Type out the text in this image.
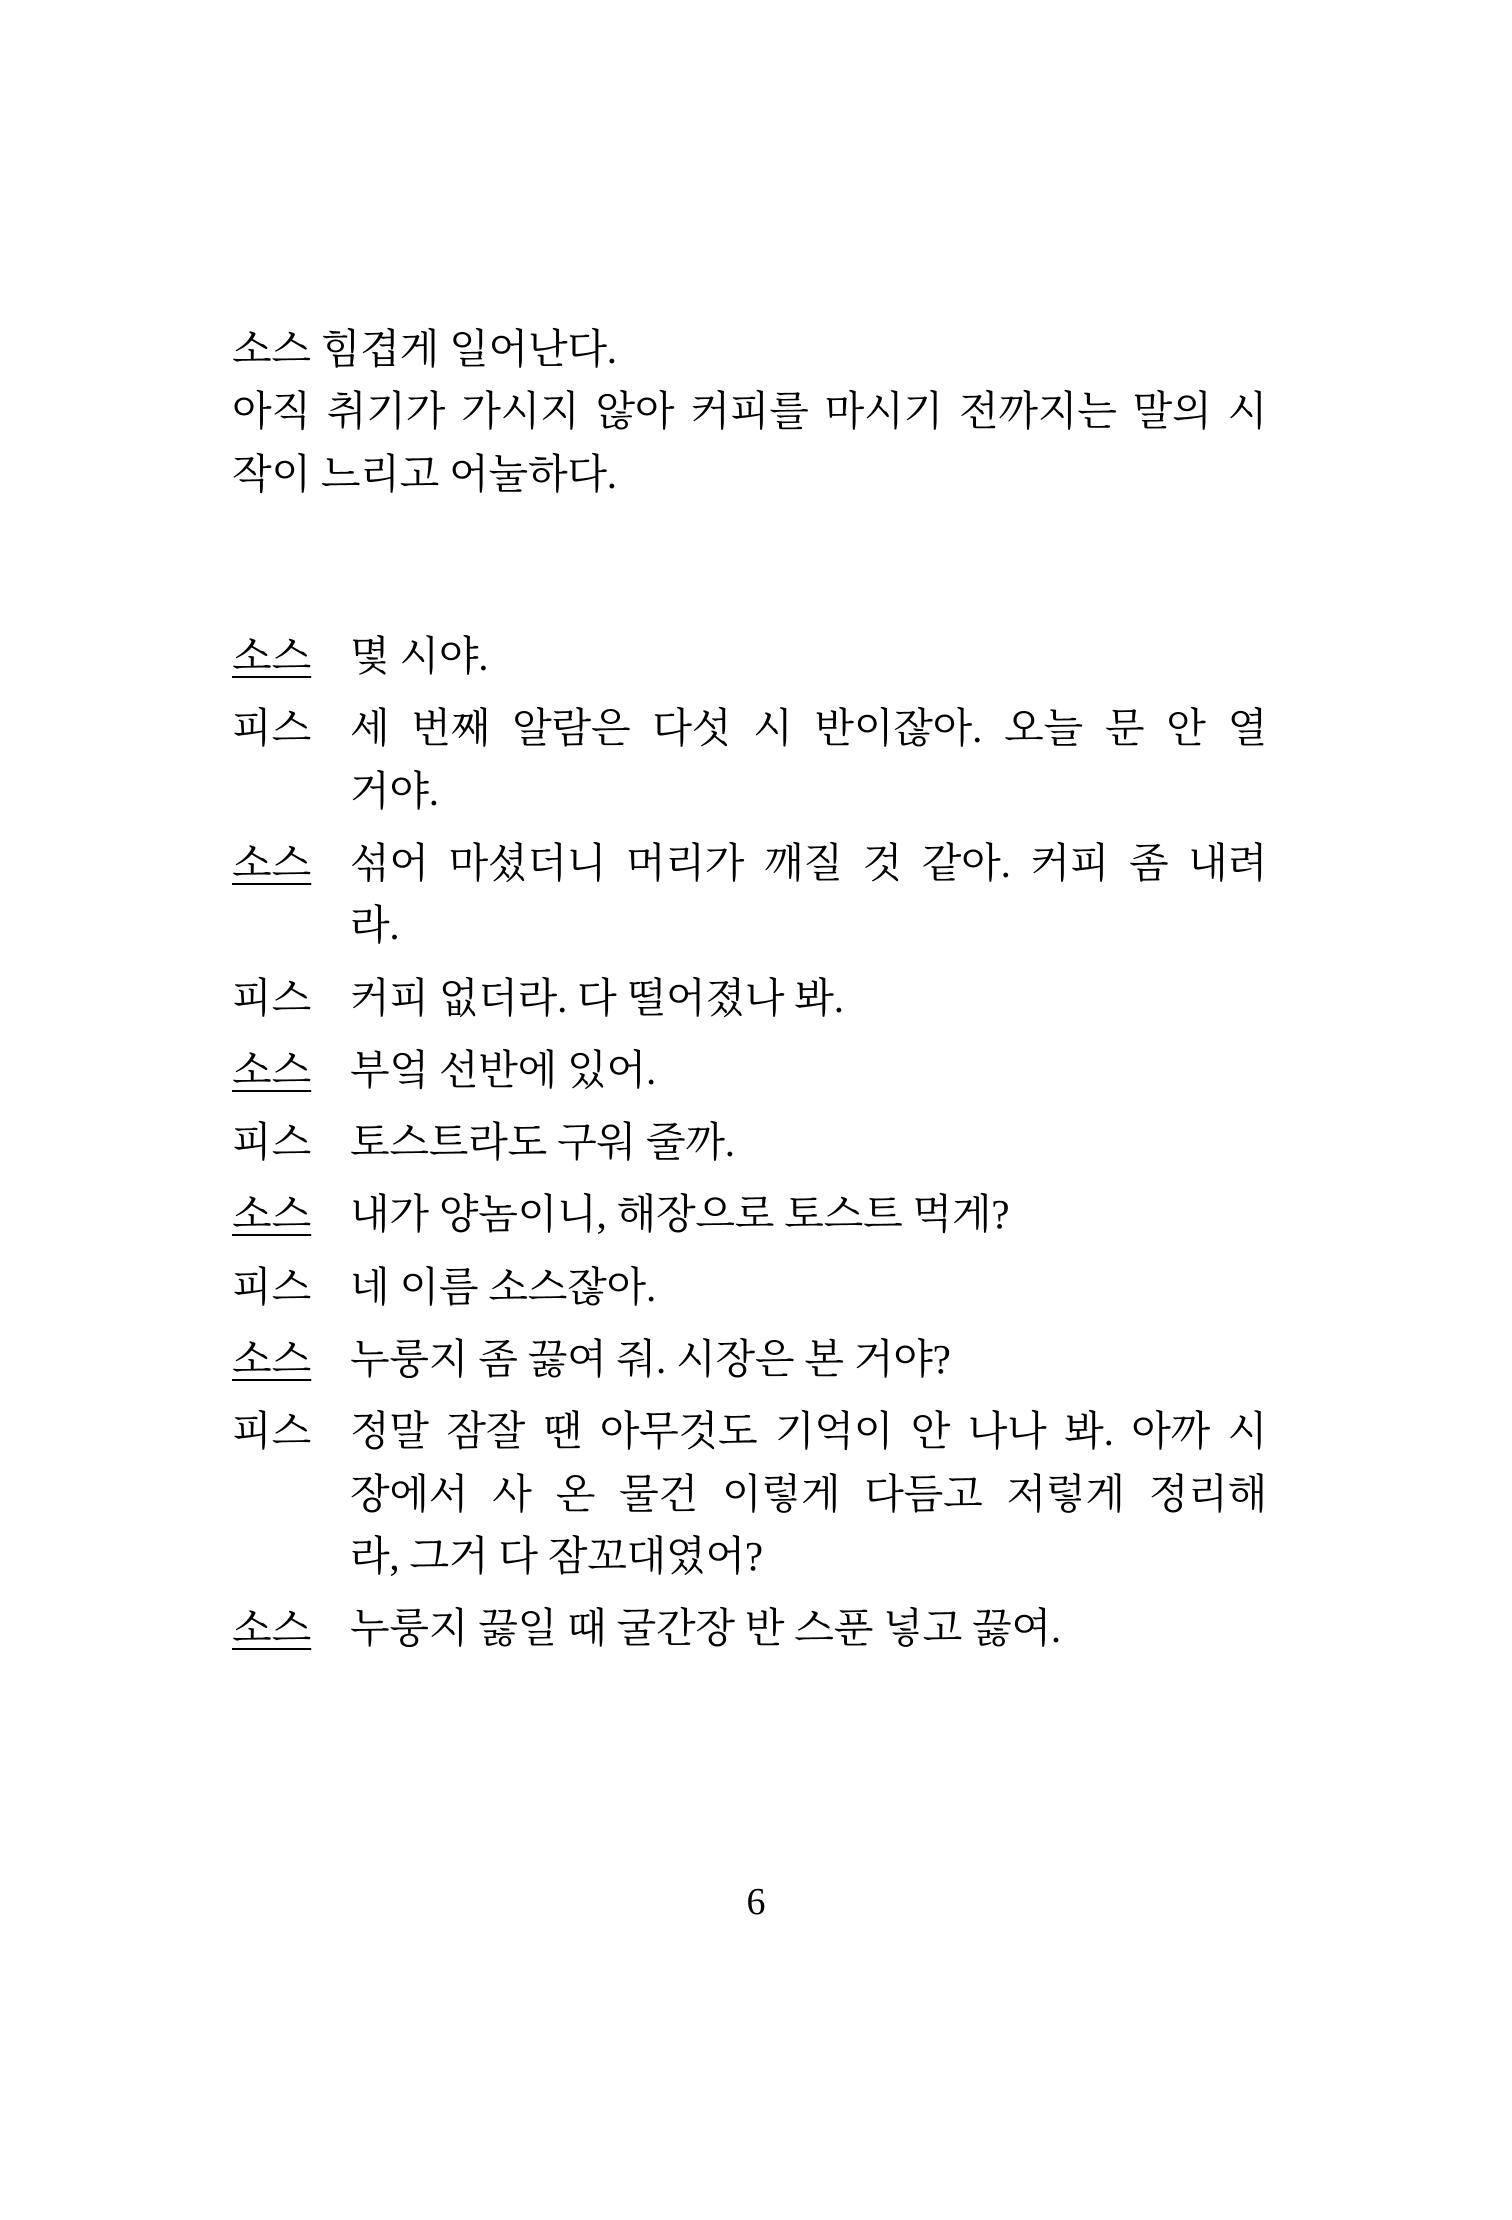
소스 힘겹게 일어난다.
아직 취기가 가시지 않아 커피를 마시기 전까지는 말의 시
작이 느리고 어눌하다.
소스 몇 시야.
피스 세 번째 알람은 다섯 시 반이잖아. 오늘 문 안 열
거야.
소스 섞어 마셨더니 머리가 깨질 것 같아. 커피 좀 내려
라.
피스 커피 없더라. 다 떨어졌나 봐.
소스 부엌 선반에 있어.
피스 토스트라도 구워 줄까.
소스 내가 양놈이니, 해장으로 토스트 먹게?
피스 네 이름 소스잖아.
소스 누룽지 좀 끓여 줘. 시장은 본 거야?
피스 정말 잠잘 땐 아무것도 기억이 안 나나 봐. 아까 시
장에서 사 온 물건 이렇게 다듬고 저렇게 정리해
라, 그거 다 잠꼬대였어?
소스 누룽지 끓일 때 굴간장 반 스푼 넣고 끓여.
6
